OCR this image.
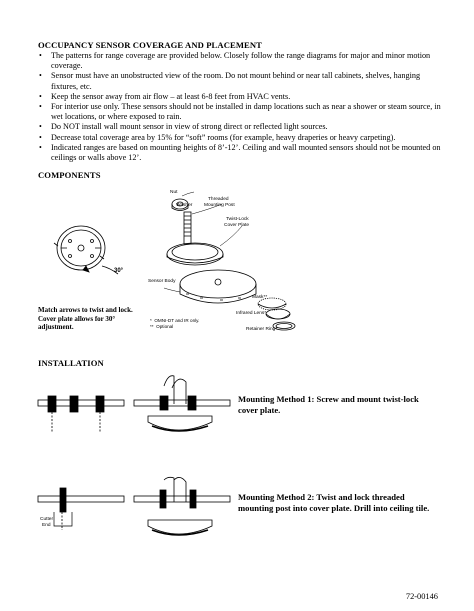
OCCUPANCY SENSOR COVERAGE AND PLACEMENT
• The patterns for range coverage are provided below. Closely follow the range diagrams for major and minor motion coverage.
• Sensor must have an unobstructed view of the room. Do not mount behind or near tall cabinets, shelves, hanging fixtures, etc.
• Keep the sensor away from air flow – at least 6-8 feet from HVAC vents.
• For interior use only. These sensors should not be installed in damp locations such as near a shower or steam source, in wet locations, or where exposed to rain.
• Do NOT install wall mount sensor in view of strong direct or reflected light sources.
• Decrease total coverage area by 15% for “soft” rooms (for example, heavy draperies or heavy carpeting).
• Indicated ranges are based on mounting heights of 8’-12’. Ceiling and wall mounted sensors should not be mounted on ceilings or walls above 12’.
COMPONENTS
Nut
Washer
Threaded Mounting Post
Twist-Lock Cover Plate
Sensor Body
Mask**
Infrared Lens*
Retainer Ring*
30°
Match arrows to twist and lock. Cover plate allows for 30° adjustment.
* OMNI-DT and IR only.
** Optional
INSTALLATION
Mounting Method 1: Screw and mount twist-lock cover plate.
Cutter End
Mounting Method 2: Twist and lock threaded mounting post into cover plate. Drill into ceiling tile.
72-00146
